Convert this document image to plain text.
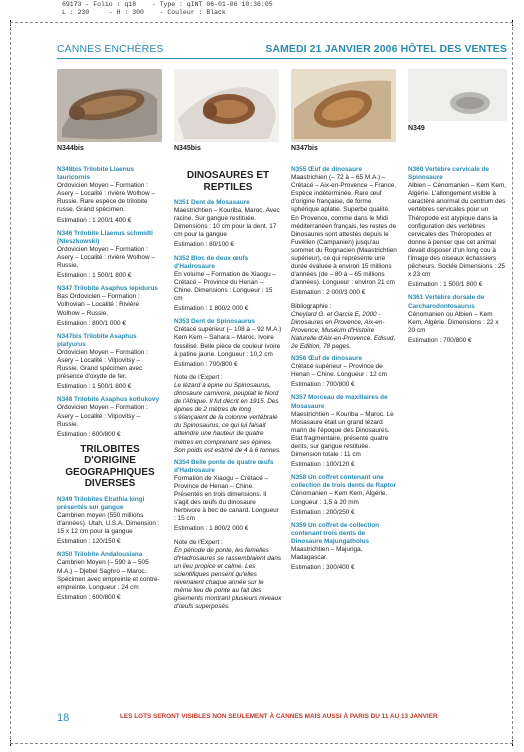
69173 - Folio : q18    - Type : qINT 06-01-06 10:36:05
L : 230     - H : 300    - Couleur : Black
CANNES ENCHÈRES	SAMEDI 21 JANVIER 2006 HÔTEL DES VENTES
N344bis	N345bis	N347bis
N349

N348bis Trilobite Llaenus tauricornis

Ordovicien Moyen – Formation : Asery – Localité : rivière Wolhow – Russie. Rare espèce de trilobite russe. Grand spécimen.

Estimation : 1 200/1 400 €

N346 Trilobite Llaenus schmidti (Nieszkowski)

Ordovicien Moyen – Formation : Asery – Localité : rivière Wolhow – Russie.

Estimation : 1 500/1 800 €

N347 Trilobite Asaphus lepidurus

Bas Ordovicien – Formation : Volhovian – Localité : Rivière Wolhow – Russie.

Estimation : 800/1 000 €

N347bis Trilobite Asaphus platyurus

Ordovicien Moyen – Formation : Asery – Localité : Vilpovitsy – Russie. Grand spécimen avec présence d'oxyde de fer.

Estimation : 1 500/1 800 €

N348 Trilobite Asaphus kotlukovy

Ordovicien Moyen – Formation : Asery – Localité : Vilpovitsy – Russie.

Estimation : 600/800 €

TRILOBITES D'ORIGINE GEOGRAPHIQUES DIVERSES

N349 Trilobites Elrathia kingi présentés sur gangue

Cambrien moyen (550 millions d'années). Utah, U.S.A. Dimension : 15 x 12 cm pour la gangue

Estimation : 120/150 €

N350 Trilobite Andalousiana

Cambrien Moyen (– 590 à – 505 M.A.) – Djebel Saghro – Maroc. Spécimen avec empreinte et contre-empreinte. Longueur : 24 cm

Estimation : 600/800 €

DINOSAURES ET REPTILES

N351 Dent de Mosasaure

Maestrichtien – Kouriba, Maroc. Avec racine. Sur gangue restituée. Dimensions : 10 cm pour la dent. 17 cm pour la gangue

Estimation : 80/100 €

N352 Bloc de deux œufs d'Hadrosaure

En volume – Formation de Xiaogu – Crétacé – Province du Henan – Chine. Dimensions : Longueur : 15 cm

Estimation : 1 800/2 000 €

N353 Dent de Spinosaurus

Crétacé supérieur (– 108 à – 92 M.A.) Kem Kem – Sahara – Maroc. Ivoire fossilisé. Belle pièce de couleur ivoire à patine jaune. Longueur : 10,2 cm

Estimation : 700/800 €

Note de l'Expert :

Le lézard à épine ou Spinosaurus, dinosaure carnivore, peuplait le Nord de l'Afrique. Il fut décrit en 1915. Des épines de 2 mètres de long s'élançaient de la colonne vertébrale du Spinosaurus, ce qui lui faisait atteindre une hauteur de quatre mètres en comprenant ses épines. Son poids est estimé de 4 à 6 tonnes.

N354 Belle ponte de quatre œufs d'Hadrosaure

Formation de Xiaogu – Crétacé – Province de Henan – Chine. Présentés en trois dimensions. Il s'agit des œufs du dinosaure herbivore à bec de canard. Longueur : 15 cm

Estimation : 1 800/2 000 €

Note de l'Expert :

En période de ponte, les femelles d'Hadrosaures se rassemblaient dans un lieu propice et calme. Les scientifiques pensent qu'elles revenaient chaque année sur le même lieu de ponte au fait des gisements montrant plusieurs niveaux d'œufs superposés.

N355 Œuf de dinosaure

Maastrichien (– 72 à – 65 M.A.) – Crétacé – Aix-en-Provence – France. Espèce indéterminée. Rare œuf d'origine française, de forme sphérique aplatie. Superbe qualité. En Provence, comme dans le Midi méditerranéen français, les restes de Dinosaures sont attestés depuis le Fuvélien (Campanien) jusqu'au sommet du Rognacien (Maastrichtien supérieur), ce qui représente une durée évaluée à environ 15 millions d'années (de – 80 à – 65 millions d'années). Longueur : environ 21 cm

Estimation : 2 000/3 000 €

Bibliographie :

Cheylard G. et Garcia E, 2000 - Dinosaures en Provence, Aix-en-Provence, Muséum d'Histoire Naturelle d'Aix-en-Provence. Edisud, 2e Edition, 78 pages.

N356 Œuf de dinosaure

Crétacé supérieur – Province de Henan – Chine. Longueur : 12 cm

Estimation : 700/800 €

N357 Morceau de maxillaires de Mosasaure

Maestrichtien – Kouriba – Maroc. Le Mosasaure était un grand lézard marin de l'époque des Dinosaures. Etat fragmentaire, présenté quatre dents, sur gangue restituée. Dimension totale : 11 cm

Estimation : 100/120 €

N358 Un coffret contenant une collection de trois dents de Raptor

Cénomanien – Kem Kem, Algérie. Longueur : 1,5 à 20 mm

Estimation : 200/250 €

N359 Un coffret de collection contenant trois dents de Dinosaure Majungatholus

Maastrichtien – Majunga, Madagascar.

Estimation : 300/400 €

N360 Vertèbre cervicale de Spinosaure

Albien – Cénomanien – Kem Kem, Algérie. L'allongement visible à caractère anormal du centrum des vertèbres cervicales pour un Théropode est atypique dans la configuration des vertèbres cervicales des Théropodes et donne à penser que cet animal devait disposer d'un long cou à l'image des oiseaux échassiers pêcheurs. Soclée Dimensions : 25 x 23 cm

Estimation : 1 500/1 800 €

N361 Vertèbre dorsale de Carcharodontosaurus

Cénomanien ou Albien – Kem Kem, Algérie. Dimensions : 22 x 20 cm

Estimation : 700/800 €

18	LES LOTS SERONT VISIBLES NON SEULEMENT À CANNES MAIS AUSSI À PARIS DU 11 AU 13 JANVIER
